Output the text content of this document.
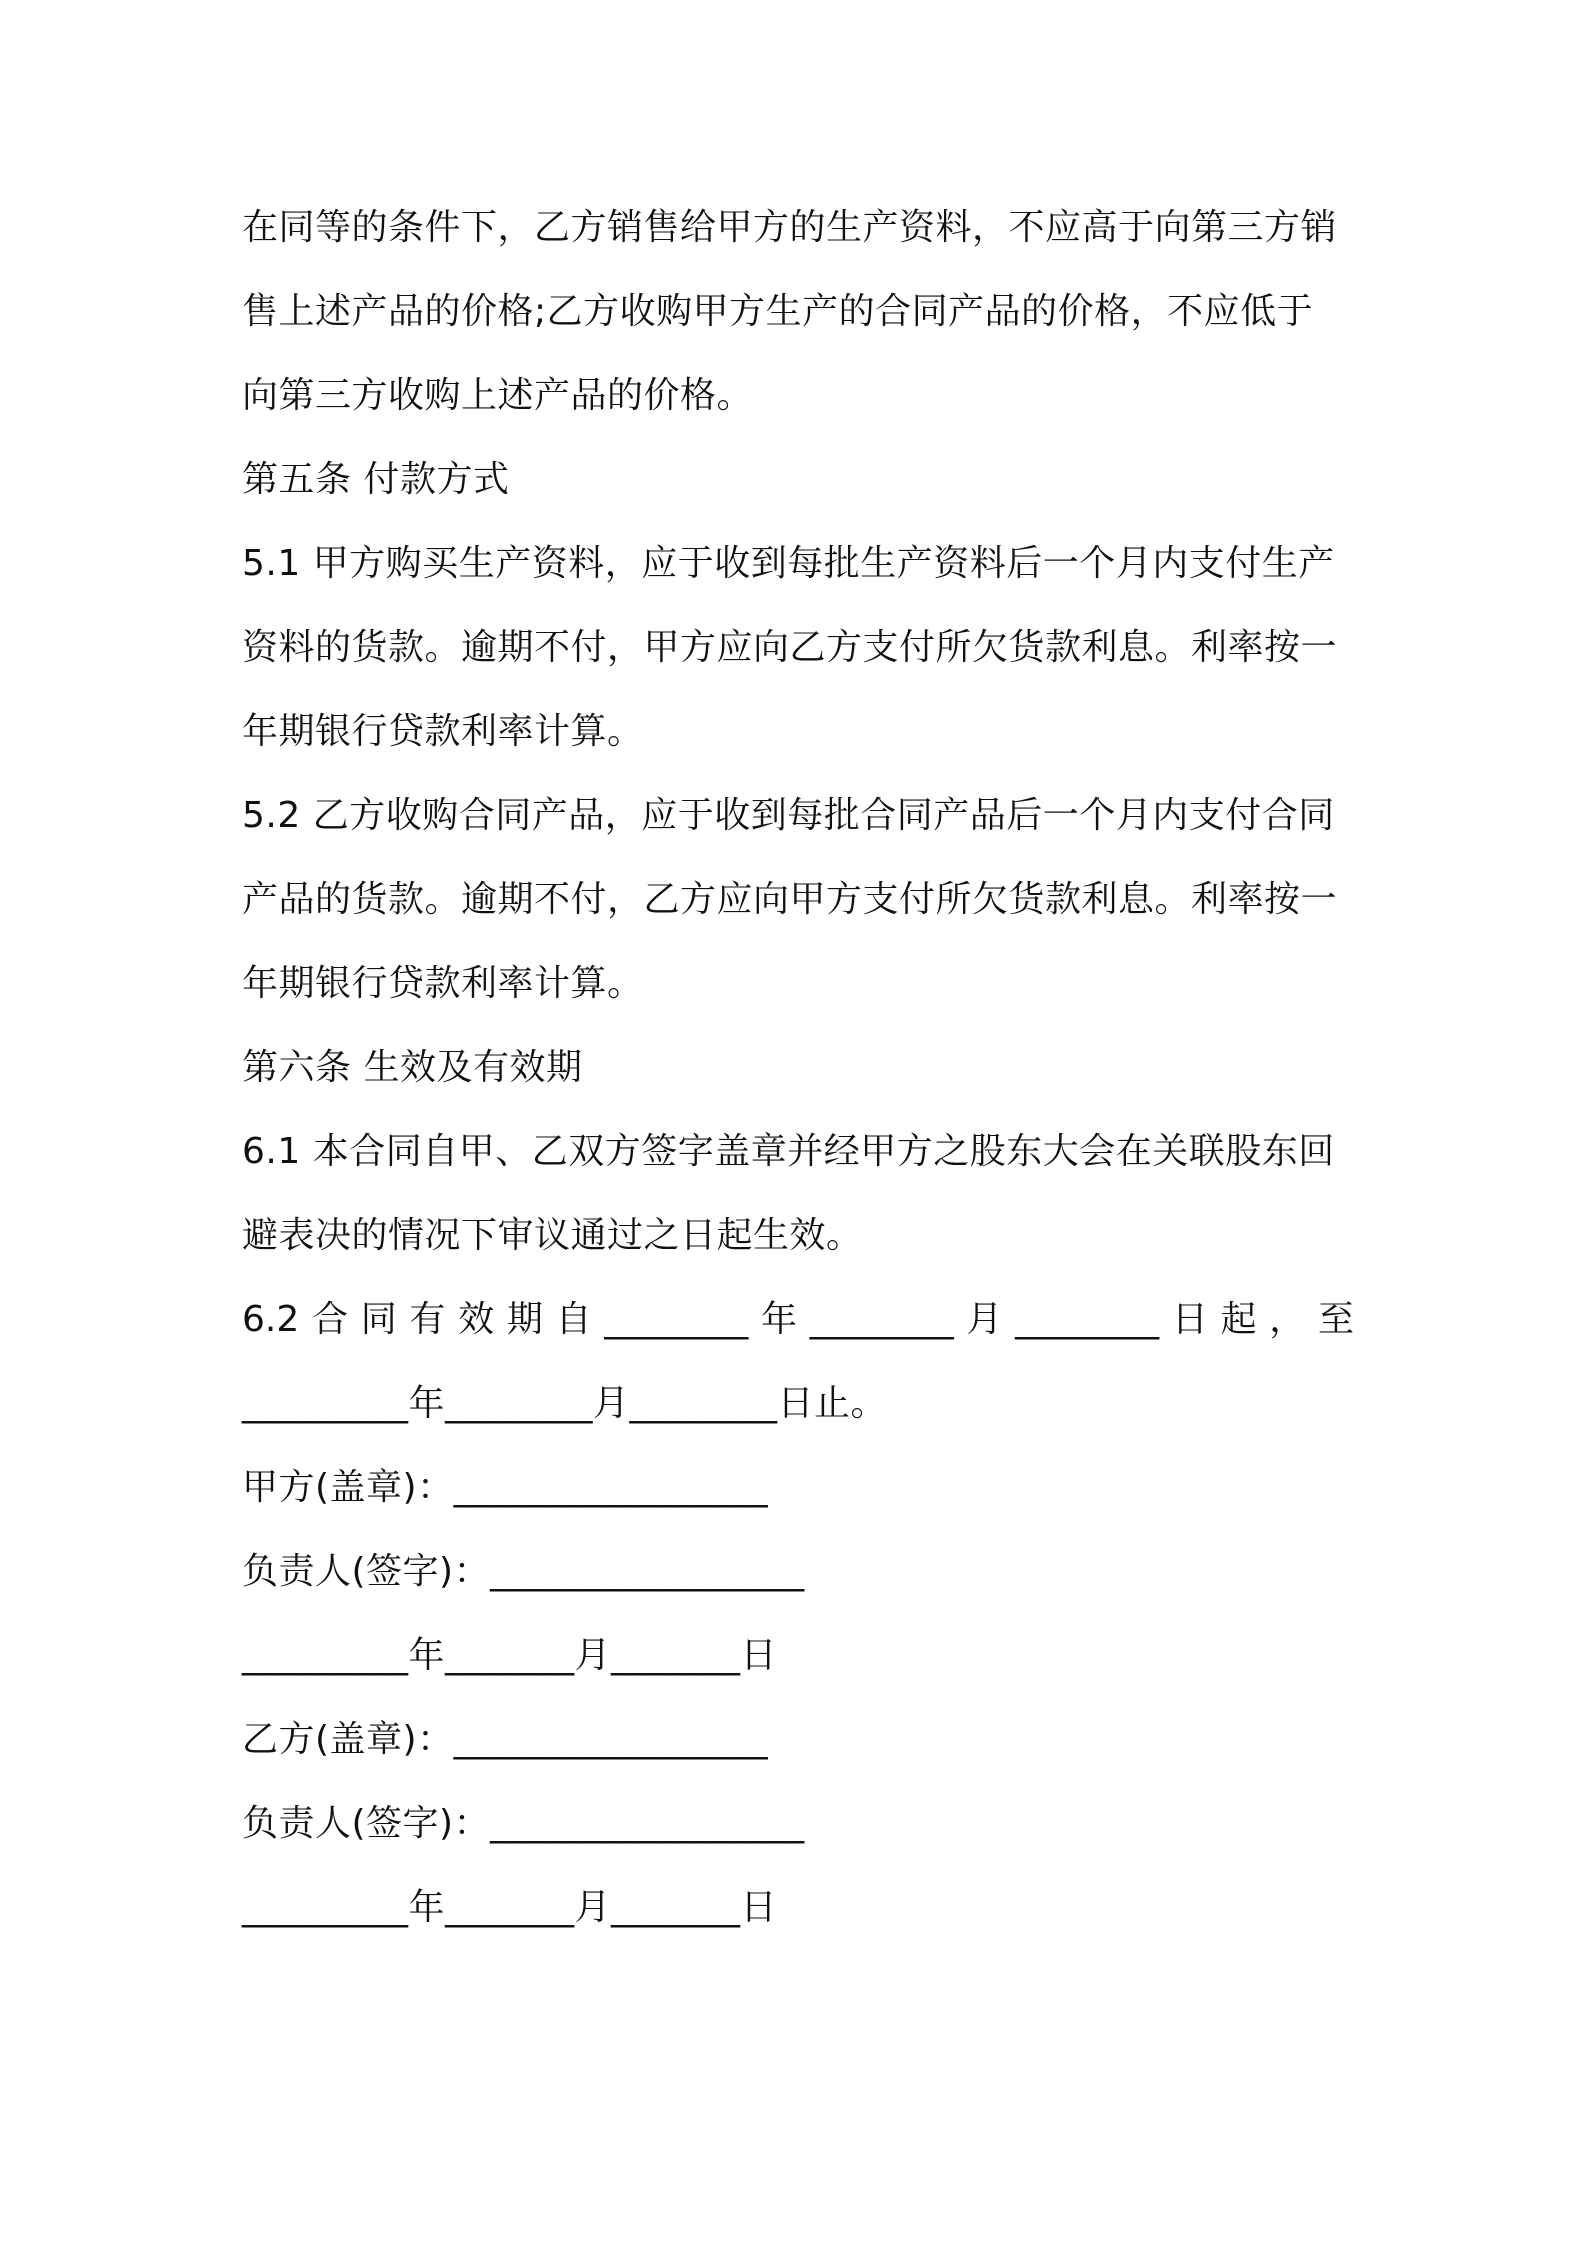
在同等的条件下，乙方销售给甲方的生产资料，不应高于向第三方销
售上述产品的价格;乙方收购甲方生产的合同产品的价格，不应低于
向第三方收购上述产品的价格。
第五条 付款方式
5.1 甲方购买生产资料，应于收到每批生产资料后一个月内支付生产
资料的货款。逾期不付，甲方应向乙方支付所欠货款利息。利率按一
年期银行贷款利率计算。
5.2 乙方收购合同产品，应于收到每批合同产品后一个月内支付合同
产品的货款。逾期不付，乙方应向甲方支付所欠货款利息。利率按一
年期银行贷款利率计算。
第六条 生效及有效期
6.1 本合同自甲、乙双方签字盖章并经甲方之股东大会在关联股东回
避表决的情况下审议通过之日起生效。
6.2 合 同 有 效 期 自 ________ 年 ________ 月 ________ 日 起 ， 至
_________年________月________日止。
甲方(盖章)：_________________
负责人(签字)：_________________
_________年_______月_______日
乙方(盖章)：_________________
负责人(签字)：_________________
_________年_______月_______日
